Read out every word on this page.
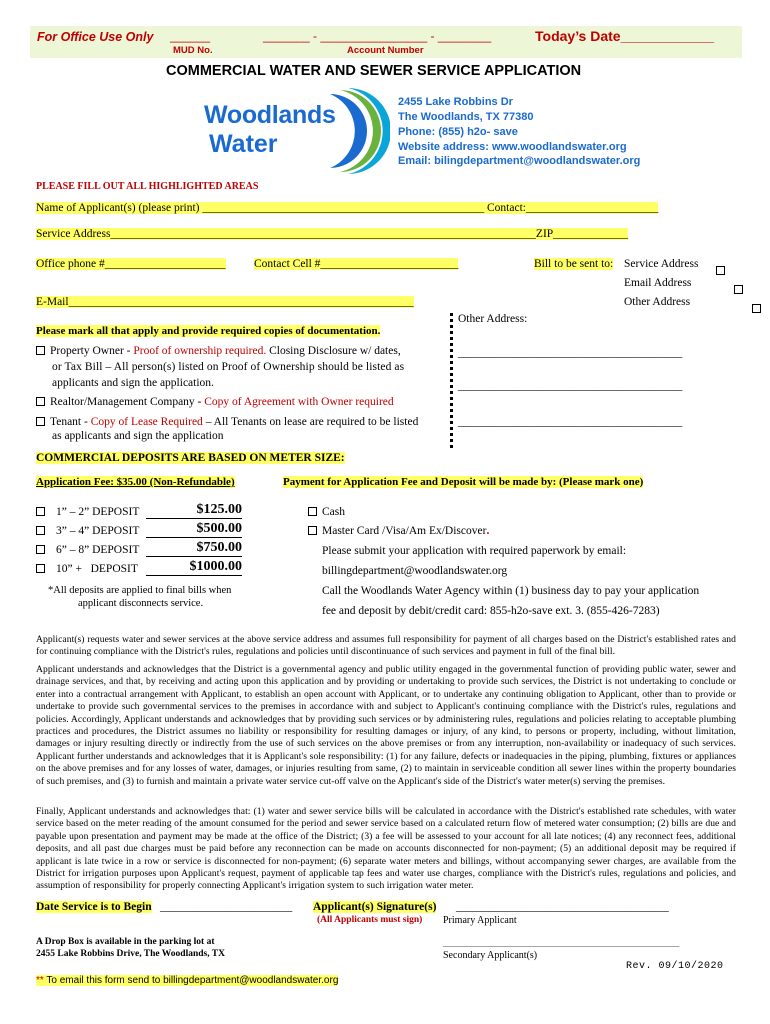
For Office Use Only ______
MUD No.
_______ - ________________ - ________
Account Number
Today’s Date____________
COMMERCIAL WATER AND SEWER SERVICE APPLICATION
Woodlands
Water
2455 Lake Robbins Dr
The Woodlands, TX 77380
Phone: (855) h2o- save
Website address: www.woodlandswater.org
Email: bilingdepartment@woodlandswater.org
PLEASE FILL OUT ALL HIGHLIGHTED AREAS
Name of Applicant(s) (please print) _________________________________________________ Contact:_______________________
Service Address__________________________________________________________________________ZIP_____________
Office phone #_____________________ Contact Cell #________________________	Bill to be sent to: Service Address

Email Address

Other Address
E-Mail____________________________________________________________
Other Address:
_______________________________________
_______________________________________
_______________________________________
Please mark all that apply and provide required copies of documentation.
Property Owner - Proof of ownership required. Closing Disclosure w/ dates,
or Tax Bill – All person(s) listed on Proof of Ownership should be listed as
applicants and sign the application.
Realtor/Management Company - Copy of Agreement with Owner required
Tenant - Copy of Lease Required – All Tenants on lease are required to be listed
as applicants and sign the application
COMMERCIAL DEPOSITS ARE BASED ON METER SIZE:
Application Fee: $35.00 (Non-Refundable)
1” – 2” DEPOSIT	$125.00
3” – 4” DEPOSIT	$500.00
6” – 8” DEPOSIT	$750.00
10” +   DEPOSIT	$1000.00
*All deposits are applied to final bills when
applicant disconnects service.
Payment for Application Fee and Deposit will be made by: (Please mark one)
Cash
Master Card /Visa/Am Ex/Discover.
Please submit your application with required paperwork by email:
billingdepartment@woodlandswater.org
Call the Woodlands Water Agency within (1) business day to pay your application
fee and deposit by debit/credit card: 855-h2o-save ext. 3. (855-426-7283)
Applicant(s) requests water and sewer services at the above service address and assumes full responsibility for payment of all charges based on the District's established rates and for continuing compliance with the District's rules, regulations and policies until discontinuance of such services and payment in full of the final bill.
Applicant understands and acknowledges that the District is a governmental agency and public utility engaged in the governmental function of providing public water, sewer and drainage services, and that, by receiving and acting upon this application and by providing or undertaking to provide such services, the District is not undertaking to conclude or enter into a contractual arrangement with Applicant, to establish an open account with Applicant, or to undertake any continuing obligation to Applicant, other than to provide or undertake to provide such governmental services to the premises in accordance with and subject to Applicant's continuing compliance with the District's rules, regulations and policies. Accordingly, Applicant understands and acknowledges that by providing such services or by administering rules, regulations and policies relating to acceptable plumbing practices and procedures, the District assumes no liability or responsibility for resulting damages or injury, of any kind, to persons or property, including, without limitation, damages or injury resulting directly or indirectly from the use of such services on the above premises or from any interruption, non-availability or inadequacy of such services. Applicant further understands and acknowledges that it is Applicant's sole responsibility: (1) for any failure, defects or inadequacies in the piping, plumbing, fixtures or appliances on the above premises and for any losses of water, damages, or injuries resulting from same, (2) to maintain in serviceable condition all sewer lines within the property boundaries of such premises, and (3) to furnish and maintain a private water service cut-off valve on the Applicant's side of the District's water meter(s) serving the premises.
Finally, Applicant understands and acknowledges that: (1) water and sewer service bills will be calculated in accordance with the District's established rate schedules, with water service based on the meter reading of the amount consumed for the period and sewer service based on a calculated return flow of metered water consumption; (2) bills are due and payable upon presentation and payment may be made at the office of the District; (3) a fee will be assessed to your account for all late notices; (4) any reconnect fees, additional deposits, and all past due charges must be paid before any reconnection can be made on accounts disconnected for non-payment; (5) an additional deposit may be required if applicant is late twice in a row or service is disconnected for non-payment; (6) separate water meters and billings, without accompanying sewer charges, are available from the District for irrigation purposes upon Applicant's request, payment of applicable tap fees and water use charges, compliance with the District's rules, regulations and policies, and assumption of responsibility for properly connecting Applicant's irrigation system to such irrigation water meter.
Date Service is to Begin _______________________ Applicant(s) Signature(s) _____________________________________
(All Applicants must sign) Primary Applicant
_____________________________________________
Secondary Applicant(s)
A Drop Box is available in the parking lot at
2455 Lake Robbins Drive, The Woodlands, TX
Rev. 09/10/2020
** To email this form send to billingdepartment@woodlandswater.org
